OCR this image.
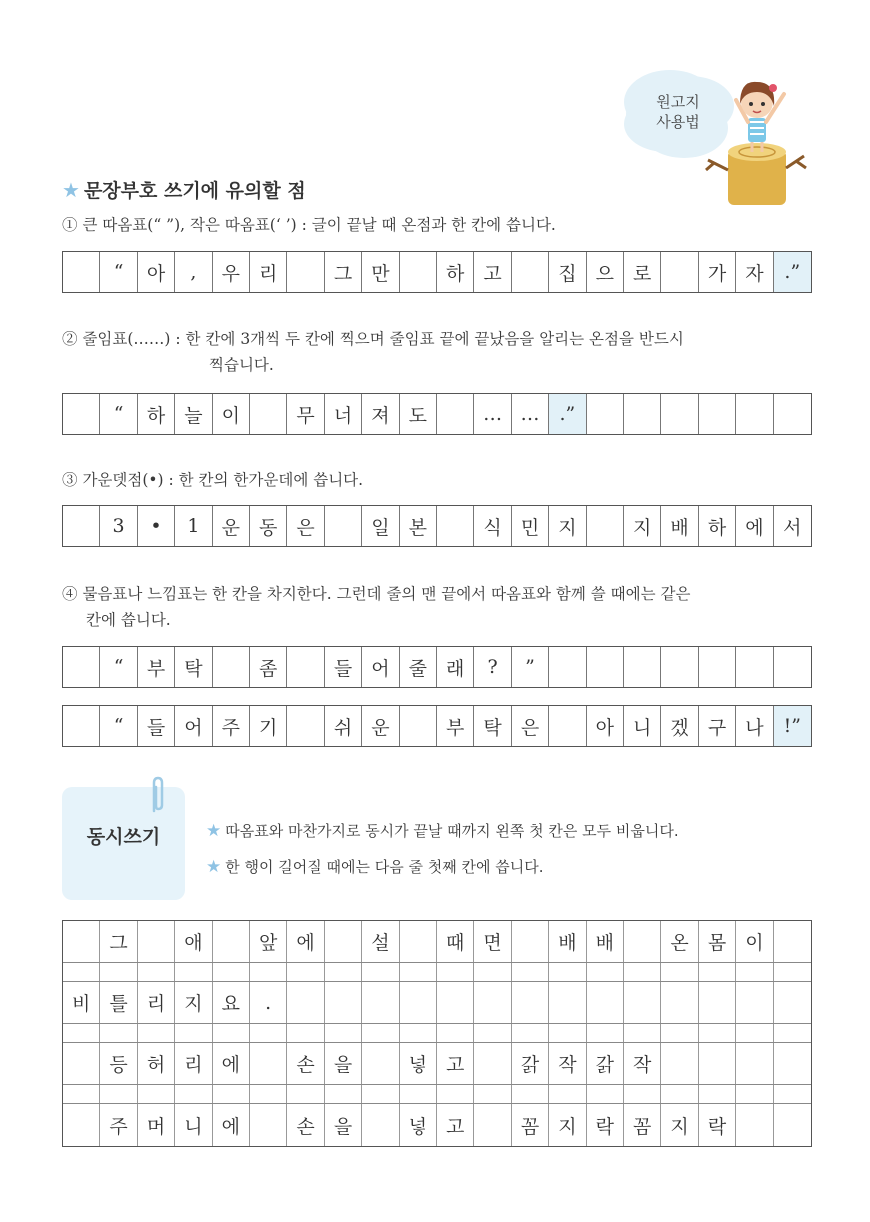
원고지
사용법
★ 문장부호 쓰기에 유의할 점
① 큰 따옴표(“ ”), 작은 따옴표(‘ ’) : 글이 끝날 때 온점과 한 칸에 씁니다.
“	아	,	우	리	그	만	하	고	집	으	로	가	자	.”
② 줄임표(……) : 한 칸에 3개씩 두 칸에 찍으며 줄임표 끝에 끝났음을 알리는 온점을 반드시
찍습니다.
“	하	늘	이	무	너	져	도	… …	.”
③ 가운뎃점(•) : 한 칸의 한가운데에 씁니다.
3	•	1	운	동	은	일	본	식	민	지	지	배	하	에	서
④ 물음표나 느낌표는 한 칸을 차지한다. 그런데 줄의 맨 끝에서 따옴표와 함께 쓸 때에는 같은
칸에 씁니다.
“	부	탁	좀	들	어	줄	래	?	”
“	들	어	주	기	쉬	운	부	탁	은	아	니	겠	구	나	!”
동시쓰기	★ 따옴표와 마찬가지로 동시가 끝날 때까지 왼쪽 첫 칸은 모두 비웁니다.
★ 한 행이 길어질 때에는 다음 줄 첫째 칸에 씁니다.
그	애	앞	에	설	때	면	배	배	온	몸	이
비	틀	리	지	요	.
등	허	리	에	손	을	넣	고	갉	작	갉	작
주	머	니	에	손	을	넣	고	꼼	지	락	꼼	지	락
